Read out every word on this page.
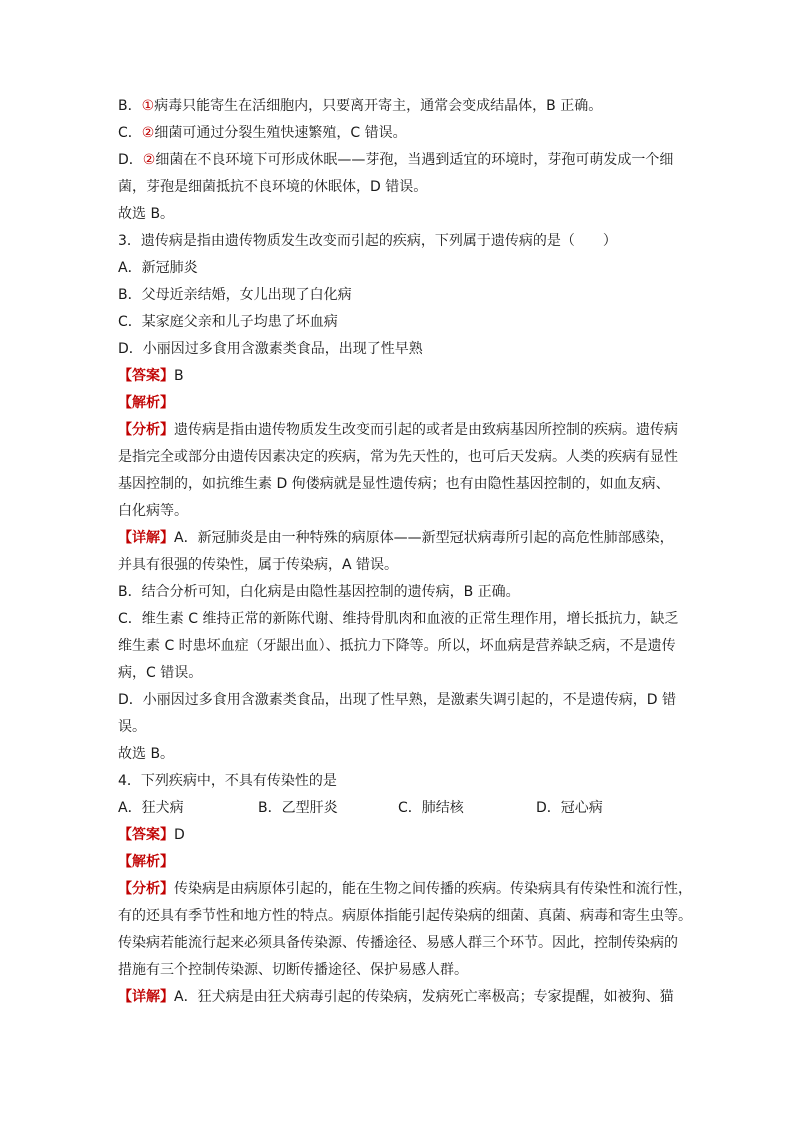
B．①病毒只能寄生在活细胞内，只要离开寄主，通常会变成结晶体，B 正确。
C．②细菌可通过分裂生殖快速繁殖，C 错误。
D．②细菌在不良环境下可形成休眠——芽孢，当遇到适宜的环境时，芽孢可萌发成一个细
菌，芽孢是细菌抵抗不良环境的休眠体，D 错误。
故选 B。
3．遗传病是指由遗传物质发生改变而引起的疾病，下列属于遗传病的是（　　）
A．新冠肺炎
B．父母近亲结婚，女儿出现了白化病
C．某家庭父亲和儿子均患了坏血病
D．小丽因过多食用含激素类食品，出现了性早熟
【答案】B
【解析】
【分析】遗传病是指由遗传物质发生改变而引起的或者是由致病基因所控制的疾病。遗传病
是指完全或部分由遗传因素决定的疾病，常为先天性的，也可后天发病。人类的疾病有显性
基因控制的，如抗维生素 D 佝偻病就是显性遗传病；也有由隐性基因控制的，如血友病、
白化病等。
【详解】A．新冠肺炎是由一种特殊的病原体——新型冠状病毒所引起的高危性肺部感染，
并具有很强的传染性，属于传染病，A 错误。
B．结合分析可知，白化病是由隐性基因控制的遗传病，B 正确。
C．维生素 C 维持正常的新陈代谢、维持骨肌肉和血液的正常生理作用，增长抵抗力，缺乏
维生素 C 时患坏血症（牙龈出血）、抵抗力下降等。所以，坏血病是营养缺乏病，不是遗传
病，C 错误。
D．小丽因过多食用含激素类食品，出现了性早熟，是激素失调引起的，不是遗传病，D 错
误。
故选 B。
4．下列疾病中，不具有传染性的是
A．狂犬病	B．乙型肝炎	C．肺结核	D．冠心病
【答案】D
【解析】
【分析】传染病是由病原体引起的，能在生物之间传播的疾病。传染病具有传染性和流行性，
有的还具有季节性和地方性的特点。病原体指能引起传染病的细菌、真菌、病毒和寄生虫等。
传染病若能流行起来必须具备传染源、传播途径、易感人群三个环节。因此，控制传染病的
措施有三个控制传染源、切断传播途径、保护易感人群。
【详解】A．狂犬病是由狂犬病毒引起的传染病，发病死亡率极高；专家提醒，如被狗、猫
